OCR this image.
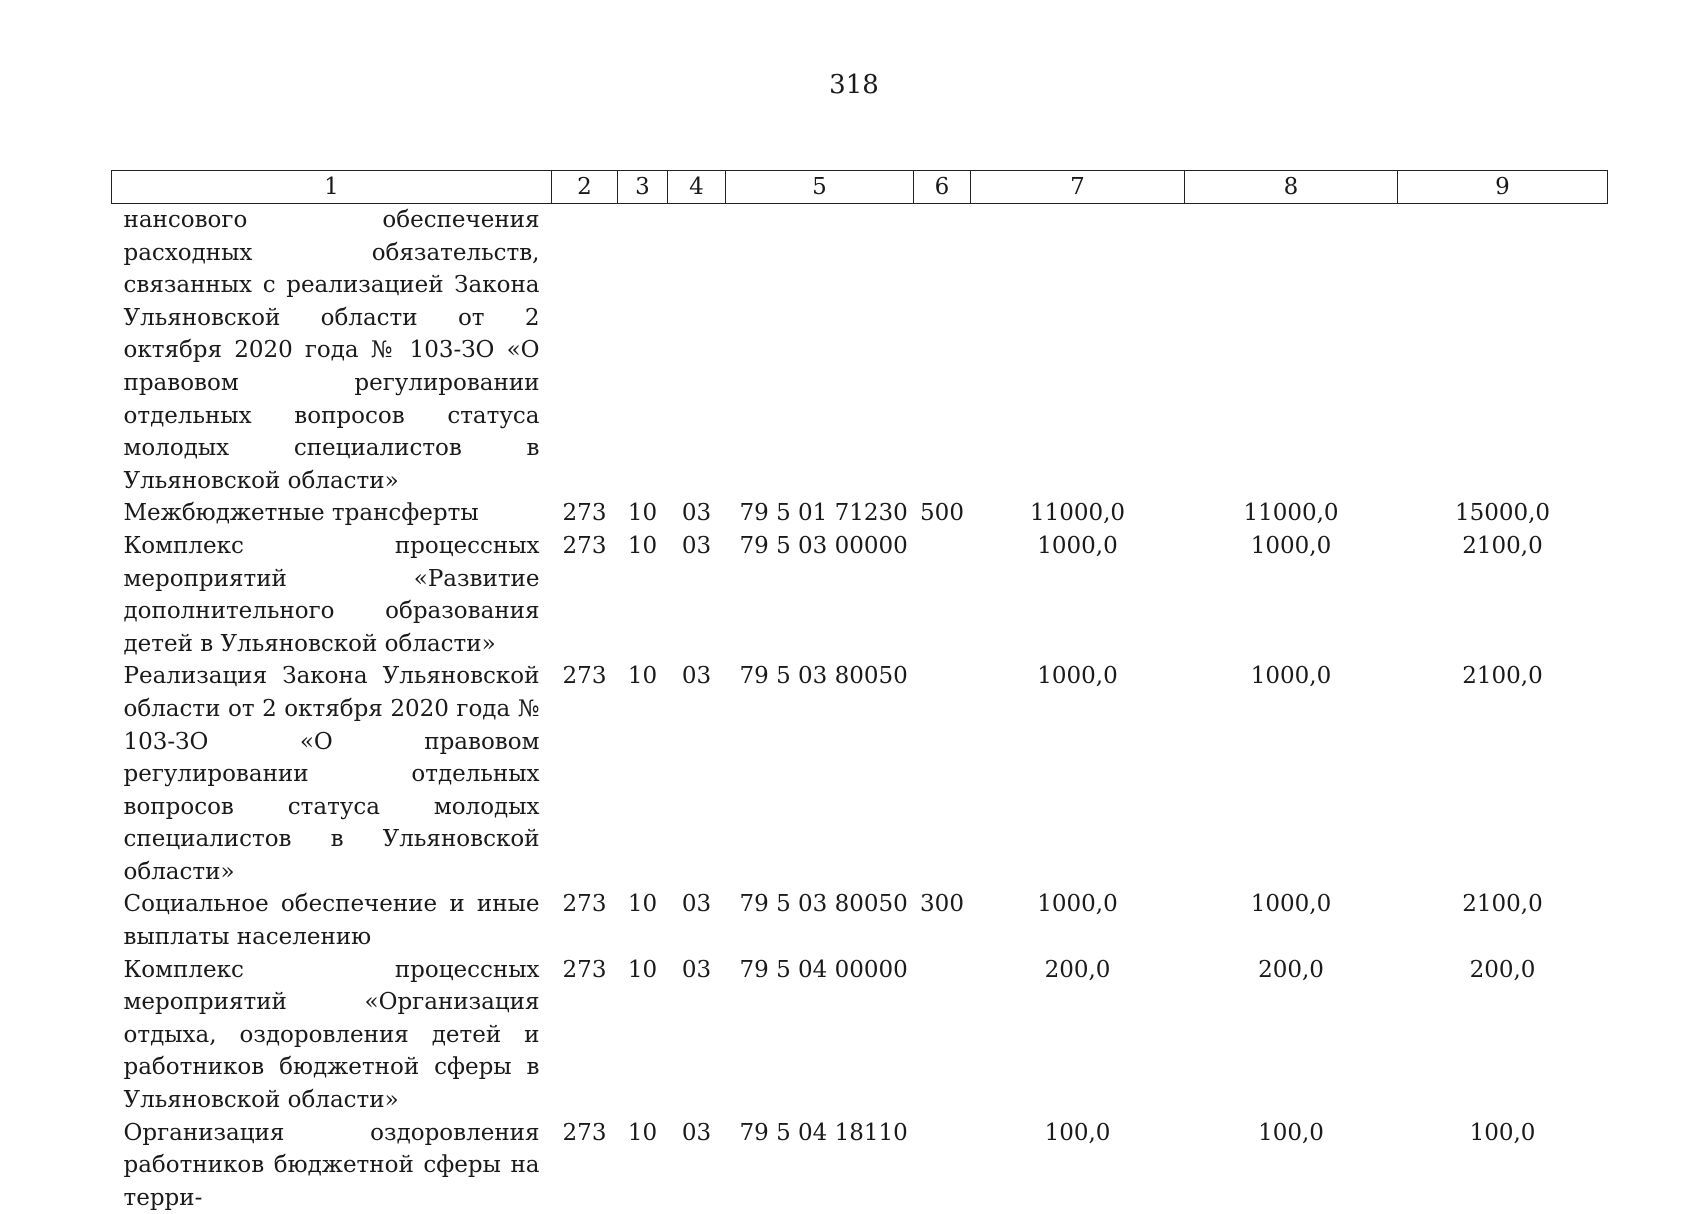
318
1	2	3	4	5	6	7	8	9
нансового обеспечения расходных обязательств, связанных с реализацией Закона Ульяновской области от 2 октября 2020 года № 103-ЗО «О правовом регулировании отдельных вопросов статуса молодых специалистов в Ульяновской области»								
Межбюджетные трансферты	273	10	03	79 5 01 71230	500	11000,0	11000,0	15000,0
Комплекс процессных мероприятий «Развитие дополнительного образования детей в Ульяновской области»	273	10	03	79 5 03 00000		1000,0	1000,0	2100,0
Реализация Закона Ульяновской области от 2 октября 2020 года № 103-ЗО «О правовом регулировании отдельных вопросов статуса молодых специалистов в Ульяновской области»	273	10	03	79 5 03 80050		1000,0	1000,0	2100,0
Социальное обеспечение и иные выплаты населению	273	10	03	79 5 03 80050	300	1000,0	1000,0	2100,0
Комплекс процессных мероприятий «Организация отдыха, оздоровления детей и работников бюджетной сферы в Ульяновской области»	273	10	03	79 5 04 00000		200,0	200,0	200,0
Организация оздоровления работников бюджетной сферы на терри-	273	10	03	79 5 04 18110		100,0	100,0	100,0
